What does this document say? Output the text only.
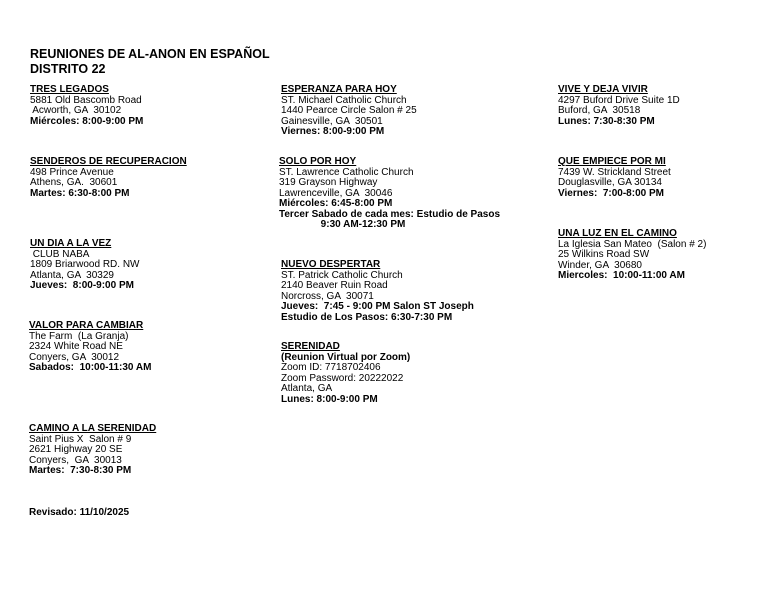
REUNIONES DE AL-ANON EN ESPAÑOL
DISTRITO 22
TRES LEGADOS
5881 Old Bascomb Road
Acworth, GA  30102
Miércoles: 8:00-9:00 PM
SENDEROS DE RECUPERACION
498 Prince Avenue
Athens, GA.  30601
Martes: 6:30-8:00 PM
UN DIA A LA VEZ
CLUB NABA
1809 Briarwood RD. NW
Atlanta, GA  30329
Jueves:  8:00-9:00 PM
VALOR PARA CAMBIAR
The Farm  (La Granja)
2324 White Road NE
Conyers, GA  30012
Sabados:  10:00-11:30 AM
CAMINO A LA SERENIDAD
Saint Pius X  Salon # 9
2621 Highway 20 SE
Conyers,  GA  30013
Martes:  7:30-8:30 PM
ESPERANZA PARA HOY
ST. Michael Catholic Church
1440 Pearce Circle Salon # 25
Gainesville, GA  30501
Viernes: 8:00-9:00 PM
SOLO POR HOY
ST. Lawrence Catholic Church
319 Grayson Highway
Lawrenceville, GA  30046
Miércoles: 6:45-8:00 PM
Tercer Sabado de cada mes: Estudio de Pasos
9:30 AM-12:30 PM
NUEVO DESPERTAR
ST. Patrick Catholic Church
2140 Beaver Ruin Road
Norcross, GA  30071
Jueves:  7:45 - 9:00 PM Salon ST Joseph
Estudio de Los Pasos: 6:30-7:30 PM
SERENIDAD
(Reunion Virtual por Zoom)
Zoom ID: 7718702406
Zoom Password: 20222022
Atlanta, GA
Lunes: 8:00-9:00 PM
VIVE Y DEJA VIVIR
4297 Buford Drive Suite 1D
Buford, GA  30518
Lunes: 7:30-8:30 PM
QUE EMPIECE POR MI
7439 W. Strickland Street
Douglasville, GA 30134
Viernes:  7:00-8:00 PM
UNA LUZ EN EL CAMINO
La Iglesia San Mateo  (Salon # 2)
25 Wilkins Road SW
Winder, GA  30680
Miercoles:  10:00-11:00 AM
Revisado: 11/10/2025
